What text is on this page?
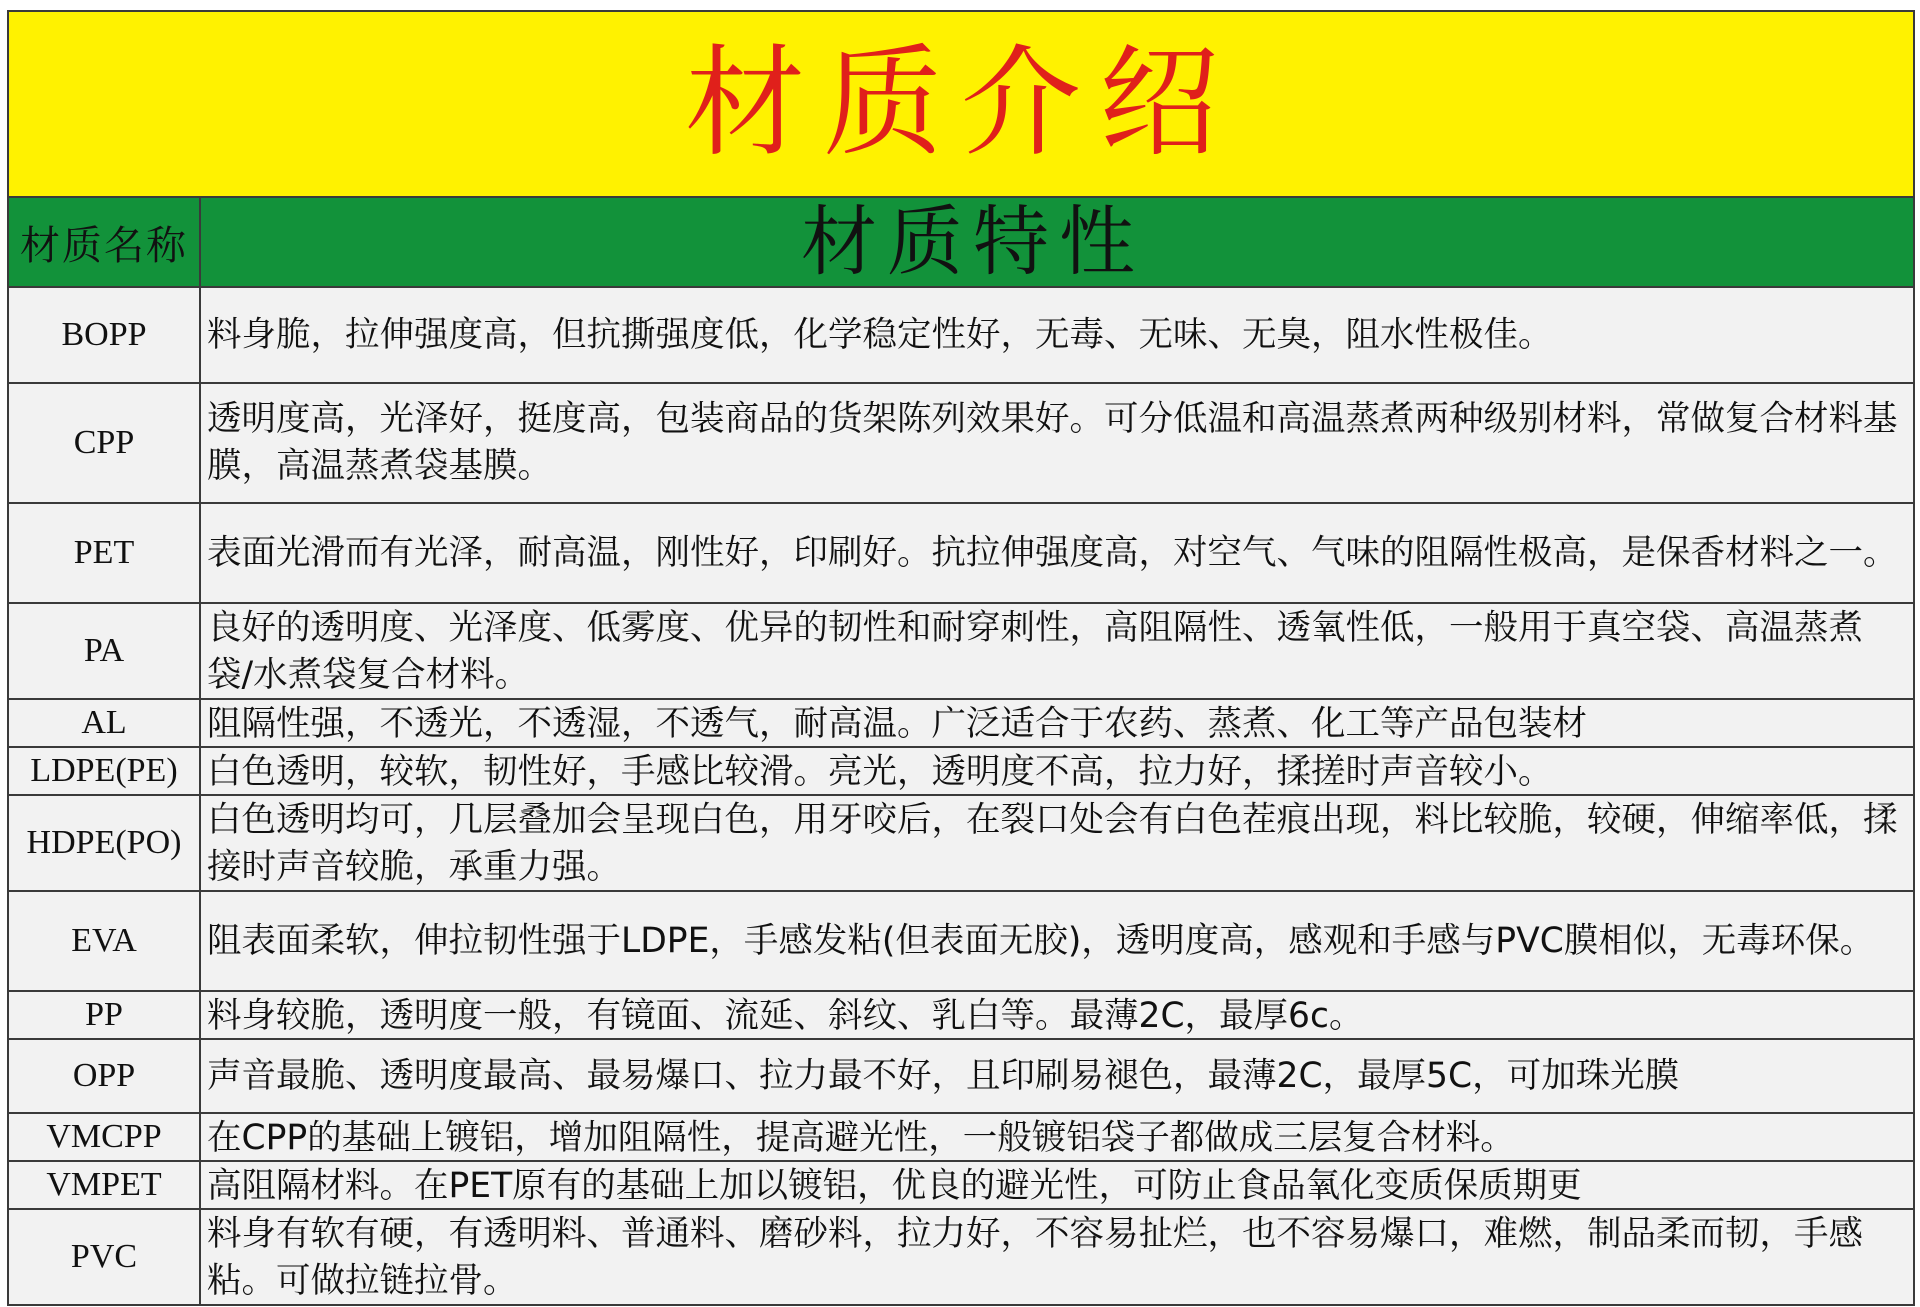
材质介绍	
材质名称	材质特性
BOPP	料身脆，拉伸强度高，但抗撕强度低，化学稳定性好，无毒、无味、无臭，阻水性极佳。

CPP	透明度高，光泽好，挺度高，包装商品的货架陈列效果好。可分低温和高温蒸煮两种级别材料，常做复合材料基膜，高温蒸煮袋基膜。

PET	表面光滑而有光泽，耐高温，刚性好，印刷好。抗拉伸强度高，对空气、气味的阻隔性极高，是保香材料之一。

PA	良好的透明度、光泽度、低雾度、优异的韧性和耐穿刺性，高阻隔性、透氧性低，一般用于真空袋、高温蒸煮袋/水煮袋复合材料。

AL	阻隔性强，不透光，不透湿，不透气，耐高温。广泛适合于农药、蒸煮、化工等产品包装材

LDPE(PE)	白色透明，较软，韧性好，手感比较滑。亮光，透明度不高，拉力好，揉搓时声音较小。

HDPE(PO)	白色透明均可，几层叠加会呈现白色，用牙咬后，在裂口处会有白色茬痕出现，料比较脆，较硬，伸缩率低，揉接时声音较脆，承重力强。

EVA	阻表面柔软，伸拉韧性强于LDPE，手感发粘(但表面无胶)，透明度高，感观和手感与PVC膜相似，无毒环保。

PP	料身较脆，透明度一般，有镜面、流延、斜纹、乳白等。最薄2C，最厚6c。

OPP	声音最脆、透明度最高、最易爆口、拉力最不好，且印刷易褪色，最薄2C，最厚5C，可加珠光膜

VMCPP	在CPP的基础上镀铝，增加阻隔性，提高避光性，一般镀铝袋子都做成三层复合材料。

VMPET	高阻隔材料。在PET原有的基础上加以镀铝，优良的避光性，可防止食品氧化变质保质期更

PVC	料身有软有硬，有透明料、普通料、磨砂料，拉力好，不容易扯烂，也不容易爆口，难燃，制品柔而韧，手感粘。可做拉链拉骨。
